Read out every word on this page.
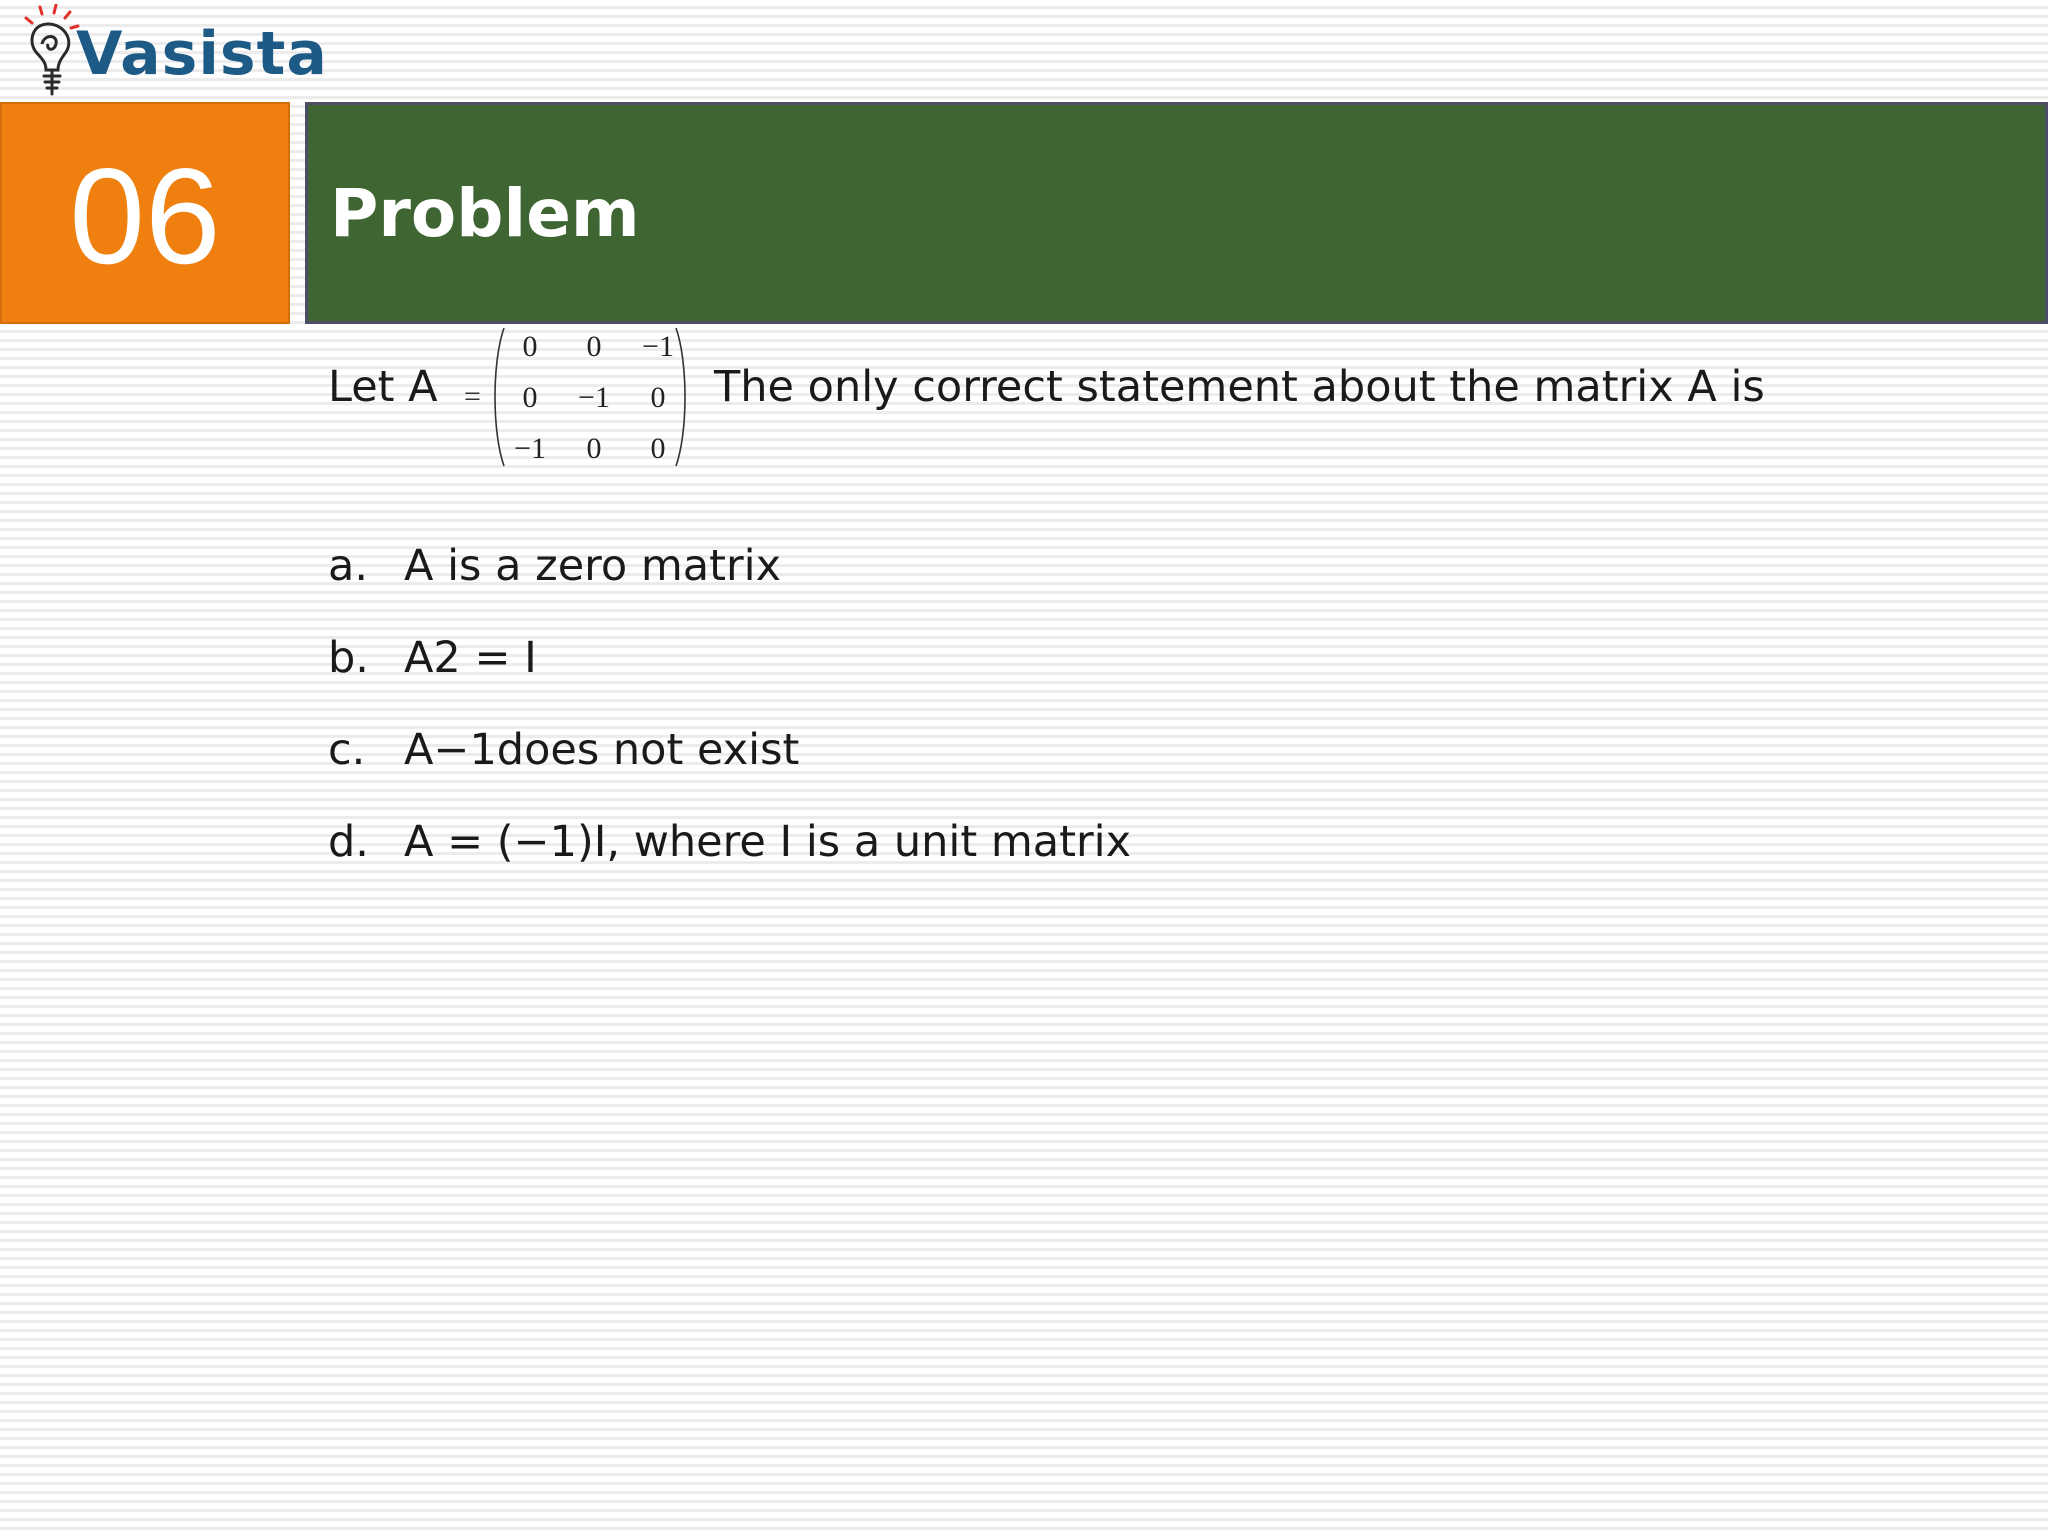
Vasista
06 Problem
Let A =
0	0	−1
0	−1	0
−1	0	0
The only correct statement about the matrix A is
a. A is a zero matrix
b. A2 = I
c. A−1does not exist
d. A = (−1)I, where I is a unit matrix
